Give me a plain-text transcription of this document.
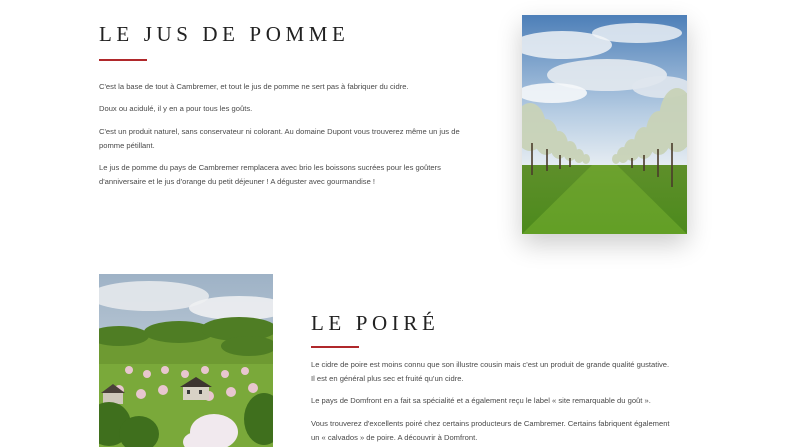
LE JUS DE POMME

C'est la base de tout à Cambremer, et tout le jus de pomme ne sert pas à fabriquer du cidre.

Doux ou acidulé, il y en a pour tous les goûts.

C'est un produit naturel, sans conservateur ni colorant. Au domaine Dupont vous trouverez même un jus de pomme pétillant.

Le jus de pomme du pays de Cambremer remplacera avec brio les boissons sucrées pour les goûters d'anniversaire et le jus d'orange du petit déjeuner ! A déguster avec gourmandise !

LE POIRÉ

Le cidre de poire est moins connu que son illustre cousin mais c'est un produit de grande qualité gustative. Il est en général plus sec et fruité qu'un cidre.

Le pays de Domfront en a fait sa spécialité et a également reçu le label « site remarquable du goût ».

Vous trouverez d'excellents poiré chez certains producteurs de Cambremer. Certains fabriquent également un « calvados » de poire. A découvrir à Domfront.
